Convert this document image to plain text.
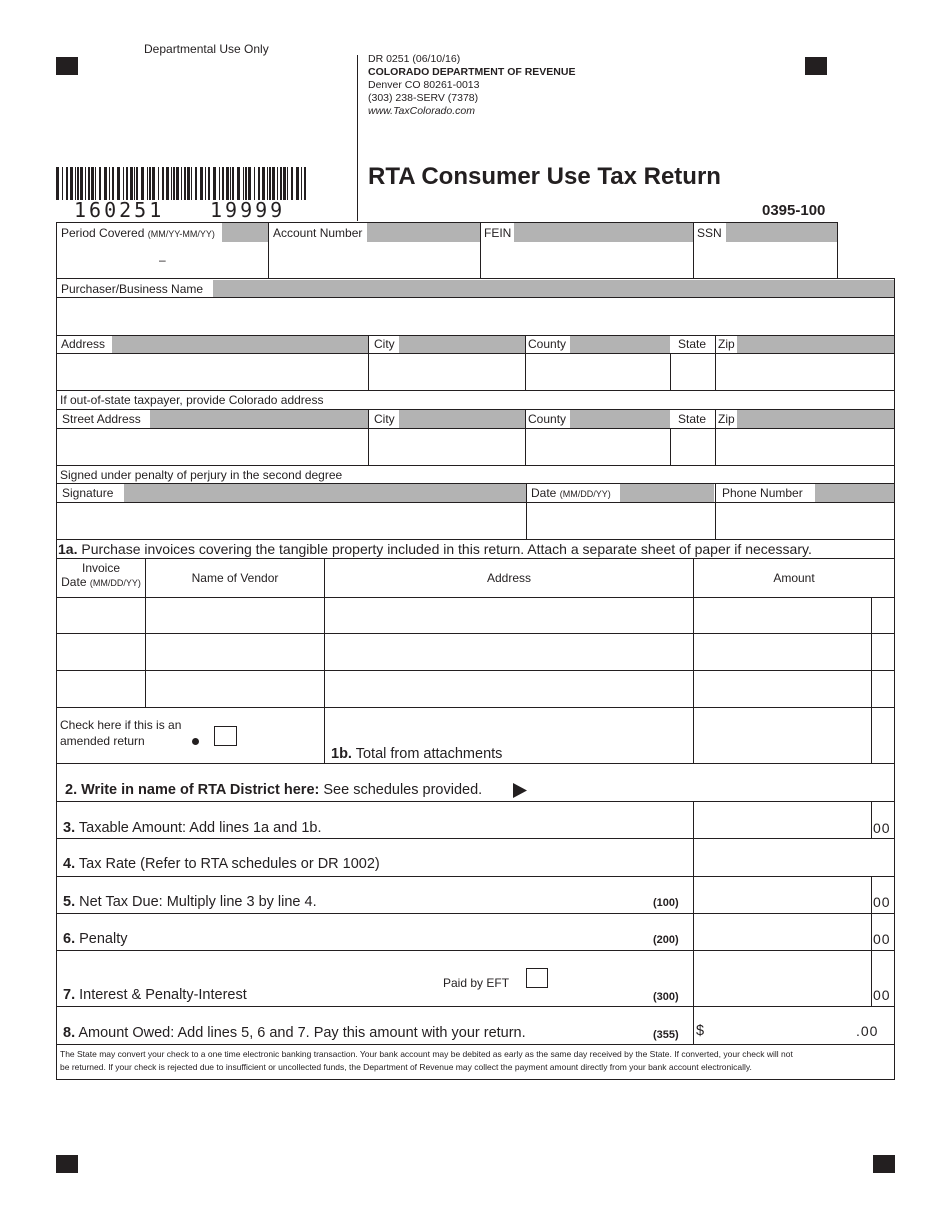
Departmental Use Only
DR 0251 (06/10/16)
COLORADO DEPARTMENT OF REVENUE
Denver CO 80261-0013
(303) 238-SERV (7378)
www.TaxColorado.com
RTA Consumer Use Tax Return
0395-100
160251 19999
Period Covered (MM/YY-MM/YY)	Account Number	FEIN	SSN
–
Purchaser/Business Name
Address	City	County	State Zip
If out-of-state taxpayer, provide Colorado address
Street Address	City	County	State Zip
Signed under penalty of perjury in the second degree
Signature	Date (MM/DD/YY)	Phone Number
1a. Purchase invoices covering the tangible property included in this return. Attach a separate sheet of paper if necessary.
Invoice
Date (MM/DD/YY)	Name of Vendor	Address	Amount
Check here if this is an
amended return
1b. Total from attachments
2. Write in name of RTA District here: See schedules provided.
3. Taxable Amount: Add lines 1a and 1b.	00
4. Tax Rate (Refer to RTA schedules or DR 1002)
5. Net Tax Due: Multiply line 3 by line 4.	(100)	00
6. Penalty	(200)	00
7. Interest & Penalty-Interest
Paid by EFT
(300)	00
8. Amount Owed: Add lines 5, 6 and 7. Pay this amount with your return.	(355) $	.00
The State may convert your check to a one time electronic banking transaction. Your bank account may be debited as early as the same day received by the State. If converted, your check will not
be returned. If your check is rejected due to insufficient or uncollected funds, the Department of Revenue may collect the payment amount directly from your bank account electronically.
